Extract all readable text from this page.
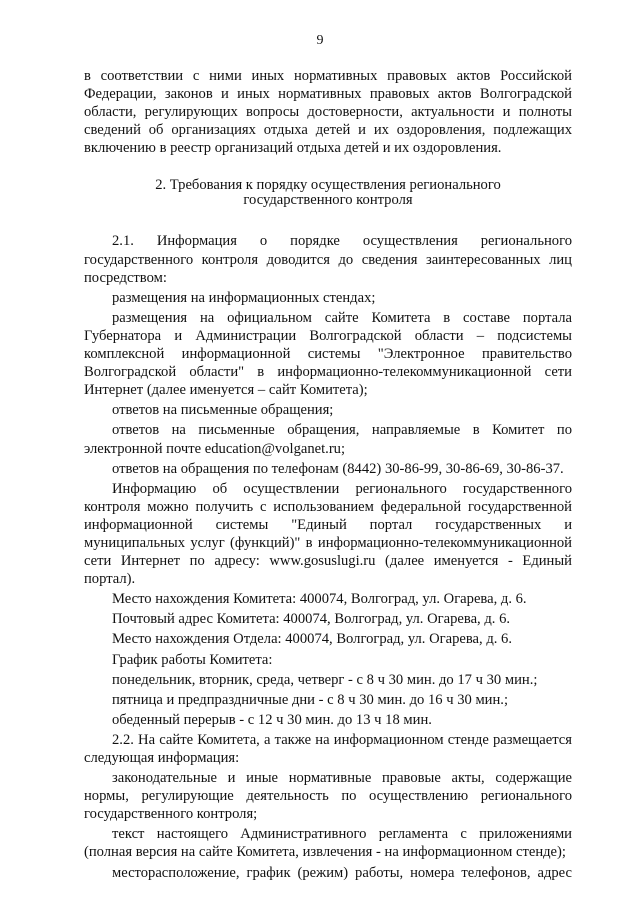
9

в соответствии с ними иных нормативных правовых актов Российской Федерации, законов и иных нормативных правовых актов Волгоградской области, регулирующих вопросы достоверности, актуальности и полноты сведений об организациях отдыха детей и их оздоровления, подлежащих включению в реестр организаций отдыха детей и их оздоровления.

2. Требования к порядку осуществления регионального
государственного контроля

2.1. Информация о порядке осуществления регионального государственного контроля доводится до сведения заинтересованных лиц посредством:

размещения на информационных стендах;

размещения на официальном сайте Комитета в составе портала Губернатора и Администрации Волгоградской области – подсистемы комплексной информационной системы "Электронное правительство Волгоградской области" в информационно-телекоммуникационной сети Интернет (далее именуется – сайт Комитета);

ответов на письменные обращения;

ответов на письменные обращения, направляемые в Комитет по электронной почте education@volganet.ru;

ответов на обращения по телефонам (8442) 30-86-99, 30-86-69, 30-86-37.

Информацию об осуществлении регионального государственного контроля можно получить с использованием федеральной государственной информационной системы "Единый портал государственных и муниципальных услуг (функций)" в информационно-телекоммуникационной сети Интернет по адресу: www.gosuslugi.ru (далее именуется - Единый портал).

Место нахождения Комитета: 400074, Волгоград, ул. Огарева, д. 6.

Почтовый адрес Комитета: 400074, Волгоград, ул. Огарева, д. 6.

Место нахождения Отдела: 400074, Волгоград, ул. Огарева, д. 6.

График работы Комитета:

понедельник, вторник, среда, четверг - с 8 ч 30 мин. до 17 ч 30 мин.;

пятница и предпраздничные дни - с 8 ч 30 мин. до 16 ч 30 мин.;

обеденный перерыв - с 12 ч 30 мин. до 13 ч 18 мин.

2.2. На сайте Комитета, а также на информационном стенде размещается следующая информация:

законодательные и иные нормативные правовые акты, содержащие нормы, регулирующие деятельность по осуществлению регионального государственного контроля;

текст настоящего Административного регламента с приложениями (полная версия на сайте Комитета, извлечения - на информационном стенде);

месторасположение, график (режим) работы, номера телефонов, адрес
